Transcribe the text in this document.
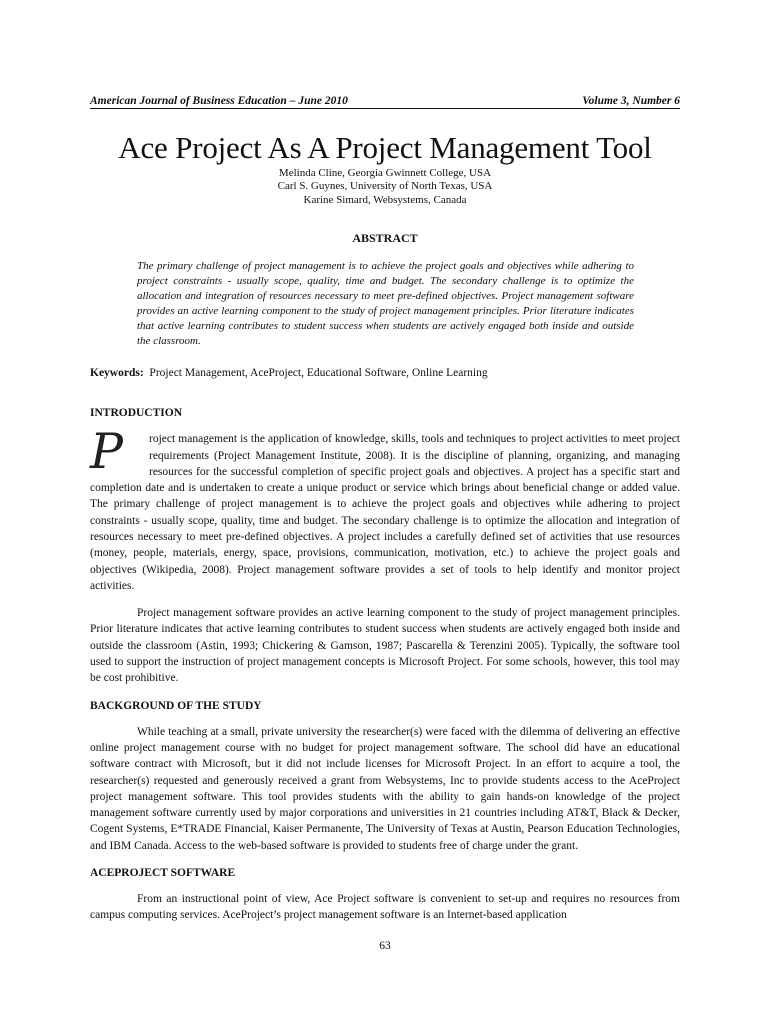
American Journal of Business Education – June 2010	Volume 3, Number 6
Ace Project As A Project Management Tool
Melinda Cline, Georgia Gwinnett College, USA
Carl S. Guynes, University of North Texas, USA
Karine Simard, Websystems, Canada
ABSTRACT

The primary challenge of project management is to achieve the project goals and objectives while adhering to project constraints - usually scope, quality, time and budget. The secondary challenge is to optimize the allocation and integration of resources necessary to meet pre-defined objectives. Project management software provides an active learning component to the study of project management principles. Prior literature indicates that active learning contributes to student success when students are actively engaged both inside and outside the classroom.

Keywords: Project Management, AceProject, Educational Software, Online Learning
INTRODUCTION
P	roject management is the application of knowledge, skills, tools and techniques to project activities to meet project requirements (Project Management Institute, 2008). It is the discipline of planning, organizing, and managing resources for the successful completion of specific project goals and objectives. A project has a specific start and completion date and is undertaken to create a unique product or service which brings about beneficial change or added value. The primary challenge of project management is to achieve the project goals and objectives while adhering to project constraints - usually scope, quality, time and budget. The secondary challenge is to optimize the allocation and integration of resources necessary to meet pre-defined objectives. A project includes a carefully defined set of activities that use resources (money, people, materials, energy, space, provisions, communication, motivation, etc.) to achieve the project goals and objectives (Wikipedia, 2008). Project management software provides a set of tools to help identify and monitor project activities.

Project management software provides an active learning component to the study of project management principles. Prior literature indicates that active learning contributes to student success when students are actively engaged both inside and outside the classroom (Astin, 1993; Chickering & Gamson, 1987; Pascarella & Terenzini 2005). Typically, the software tool used to support the instruction of project management concepts is Microsoft Project. For some schools, however, this tool may be cost prohibitive.

BACKGROUND OF THE STUDY

While teaching at a small, private university the researcher(s) were faced with the dilemma of delivering an effective online project management course with no budget for project management software. The school did have an educational software contract with Microsoft, but it did not include licenses for Microsoft Project. In an effort to acquire a tool, the researcher(s) requested and generously received a grant from Websystems, Inc to provide students access to the AceProject project management software. This tool provides students with the ability to gain hands-on knowledge of the project management software currently used by major corporations and universities in 21 countries including AT&T, Black & Decker, Cogent Systems, E*TRADE Financial, Kaiser Permanente, The University of Texas at Austin, Pearson Education Technologies, and IBM Canada. Access to the web-based software is provided to students free of charge under the grant.

ACEPROJECT SOFTWARE

From an instructional point of view, Ace Project software is convenient to set-up and requires no resources from campus computing services. AceProject’s project management software is an Internet-based application

63
